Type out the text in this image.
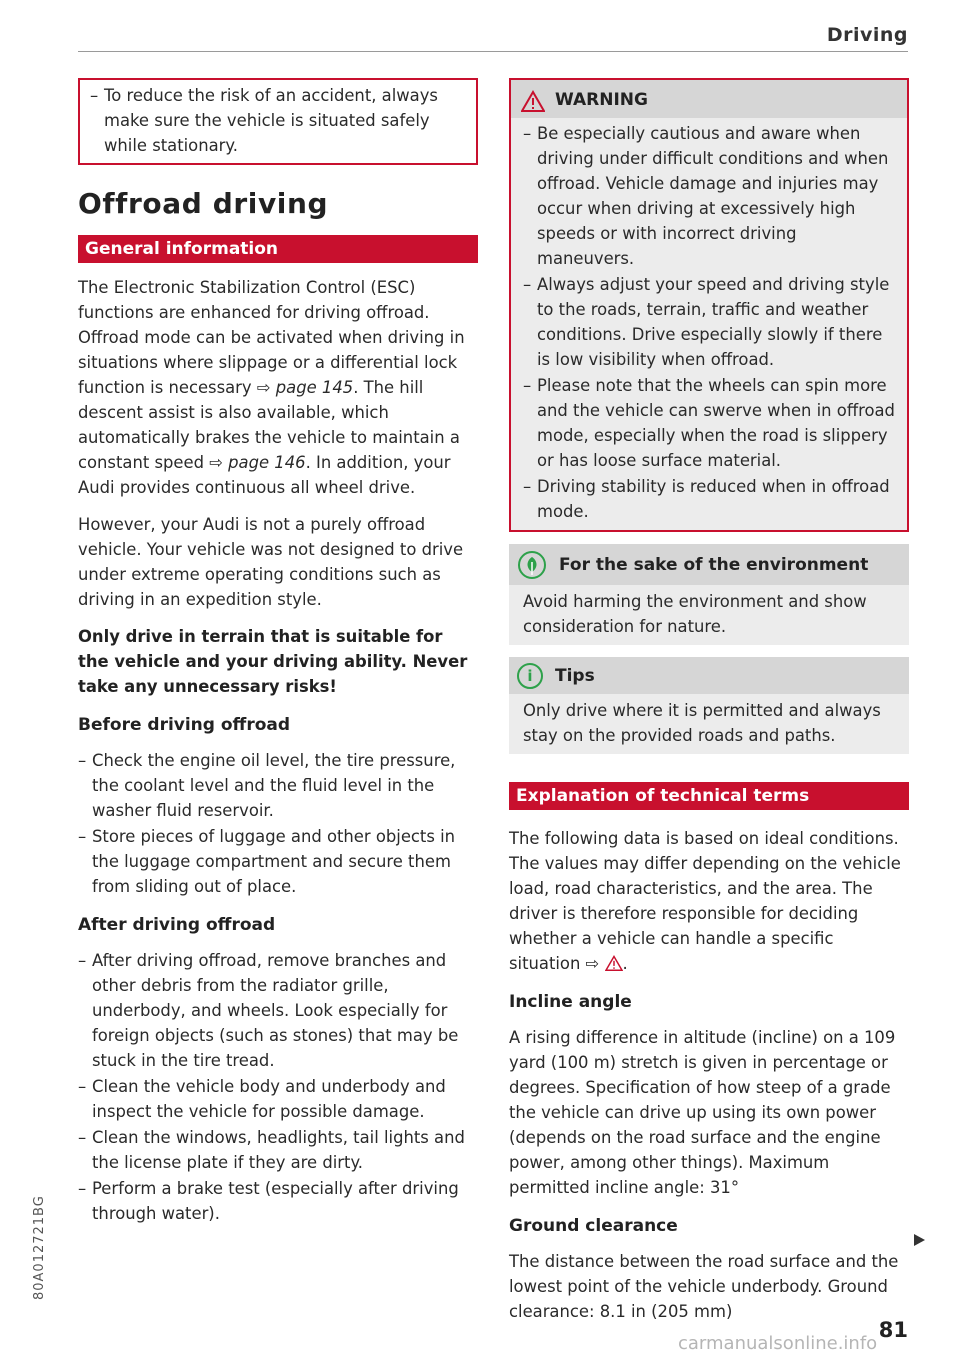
Driving
– To reduce the risk of an accident, always make sure the vehicle is situated safely while stationary.
Offroad driving
General information

The Electronic Stabilization Control (ESC) functions are enhanced for driving offroad. Offroad mode can be activated when driving in situations where slippage or a differential lock function is necessary ⇨ page 145. The hill descent assist is also available, which automatically brakes the vehicle to maintain a constant speed ⇨ page 146. In addition, your Audi provides continuous all wheel drive.

However, your Audi is not a purely offroad vehicle. Your vehicle was not designed to drive under extreme operating conditions such as driving in an expedition style.

Only drive in terrain that is suitable for the vehicle and your driving ability. Never take any unnecessary risks!

Before driving offroad
– Check the engine oil level, the tire pressure, the coolant level and the fluid level in the washer fluid reservoir.
– Store pieces of luggage and other objects in the luggage compartment and secure them from sliding out of place.
After driving offroad
– After driving offroad, remove branches and other debris from the radiator grille, underbody, and wheels. Look especially for foreign objects (such as stones) that may be stuck in the tire tread.
– Clean the vehicle body and underbody and inspect the vehicle for possible damage.
– Clean the windows, headlights, tail lights and the license plate if they are dirty.
– Perform a brake test (especially after driving through water).
WARNING
– Be especially cautious and aware when driving under difficult conditions and when offroad. Vehicle damage and injuries may occur when driving at excessively high speeds or with incorrect driving maneuvers.
– Always adjust your speed and driving style to the roads, terrain, traffic and weather conditions. Drive especially slowly if there is low visibility when offroad.
– Please note that the wheels can spin more and the vehicle can swerve when in offroad mode, especially when the road is slippery or has loose surface material.
– Driving stability is reduced when in offroad mode.
For the sake of the environment

Avoid harming the environment and show consideration for nature.

i	Tips

Only drive where it is permitted and always stay on the provided roads and paths.

Explanation of technical terms

The following data is based on ideal conditions. The values may differ depending on the vehicle load, road characteristics, and the area. The driver is therefore responsible for deciding whether a vehicle can handle a specific situation ⇨ .

Incline angle

A rising difference in altitude (incline) on a 109 yard (100 m) stretch is given in percentage or degrees. Specification of how steep of a grade the vehicle can drive up using its own power (depends on the road surface and the engine power, among other things). Maximum permitted incline angle: 31°

Ground clearance

The distance between the road surface and the lowest point of the vehicle underbody. Ground clearance: 8.1 in (205 mm)

80A012721BG
81
carmanualsonline.info
